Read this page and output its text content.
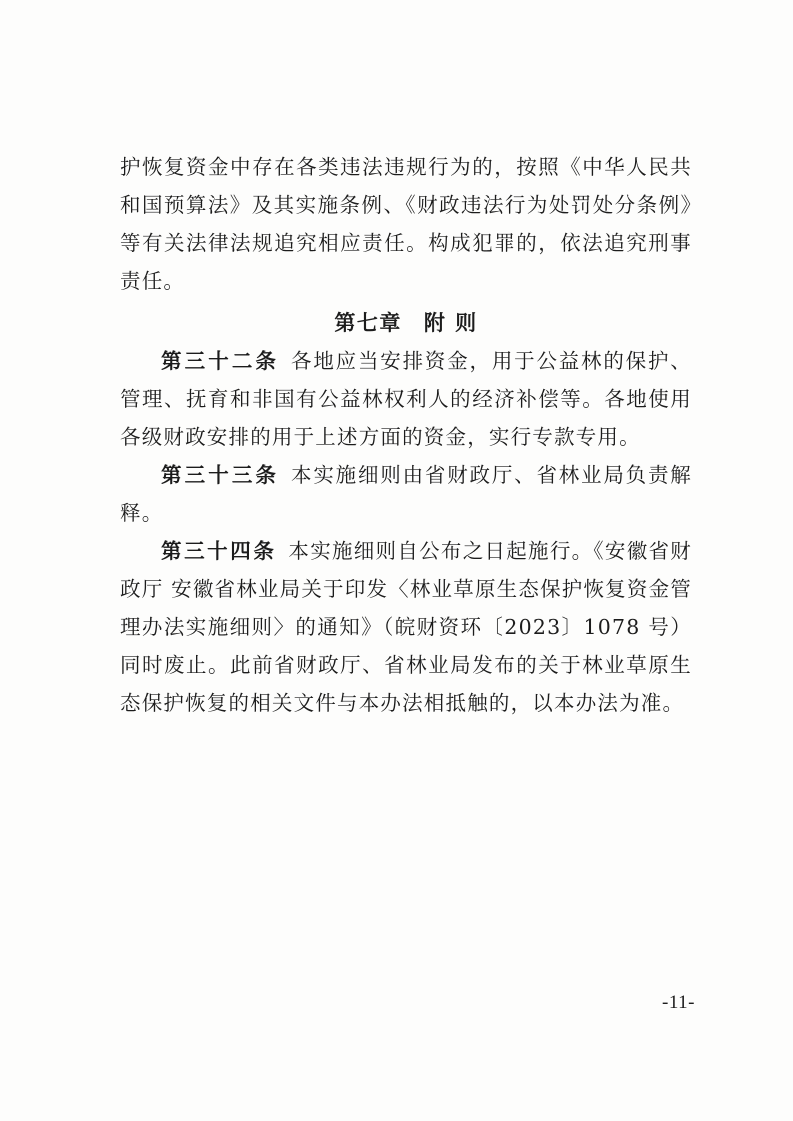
护恢复资金中存在各类违法违规行为的，按照《中华人民共和国预算法》及其实施条例、《财政违法行为处罚处分条例》等有关法律法规追究相应责任。构成犯罪的，依法追究刑事责任。

第七章 附 则

第三十二条 各地应当安排资金，用于公益林的保护、管理、抚育和非国有公益林权利人的经济补偿等。各地使用各级财政安排的用于上述方面的资金，实行专款专用。

第三十三条 本实施细则由省财政厅、省林业局负责解释。

第三十四条 本实施细则自公布之日起施行。《安徽省财政厅 安徽省林业局关于印发〈林业草原生态保护恢复资金管理办法实施细则〉的通知》（皖财资环〔2023〕1078 号）同时废止。此前省财政厅、省林业局发布的关于林业草原生态保护恢复的相关文件与本办法相抵触的，以本办法为准。

-11-
